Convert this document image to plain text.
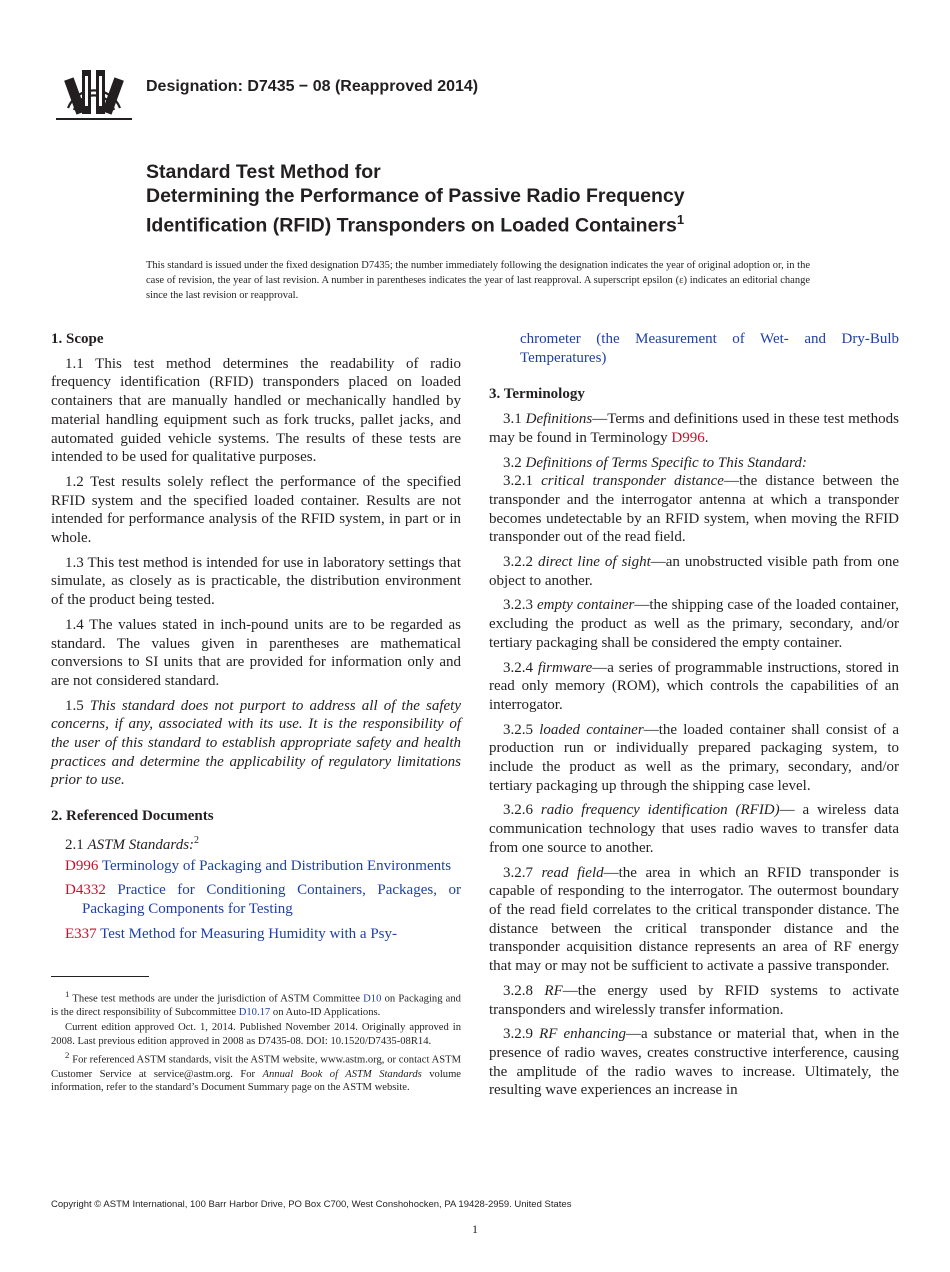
Designation: D7435 − 08 (Reapproved 2014)
Standard Test Method for
Determining the Performance of Passive Radio Frequency
Identification (RFID) Transponders on Loaded Containers$^1$

This standard is issued under the fixed designation D7435; the number immediately following the designation indicates the year of original adoption or, in the case of revision, the year of last revision. A number in parentheses indicates the year of last reapproval. A superscript epsilon (ε) indicates an editorial change since the last revision or reapproval.

1. Scope

1.1 This test method determines the readability of radio frequency identification (RFID) transponders placed on loaded containers that are manually handled or mechanically handled by material handling equipment such as fork trucks, pallet jacks, and automated guided vehicle systems. The results of these tests are intended to be used for qualitative purposes.

1.2 Test results solely reflect the performance of the specified RFID system and the specified loaded container. Results are not intended for performance analysis of the RFID system, in part or in whole.

1.3 This test method is intended for use in laboratory settings that simulate, as closely as is practicable, the distribution environment of the product being tested.

1.4 The values stated in inch-pound units are to be regarded as standard. The values given in parentheses are mathematical conversions to SI units that are provided for information only and are not considered standard.

1.5 This standard does not purport to address all of the safety concerns, if any, associated with its use. It is the responsibility of the user of this standard to establish appropriate safety and health practices and determine the applicability of regulatory limitations prior to use.

2. Referenced Documents

2.1 ASTM Standards:$^2$

D996 Terminology of Packaging and Distribution Environments

D4332 Practice for Conditioning Containers, Packages, or Packaging Components for Testing

E337 Test Method for Measuring Humidity with a Psy-

chrometer (the Measurement of Wet- and Dry-Bulb Temperatures)

3. Terminology

3.1 Definitions—Terms and definitions used in these test methods may be found in Terminology D996.

3.2 Definitions of Terms Specific to This Standard:

3.2.1 critical transponder distance—the distance between the transponder and the interrogator antenna at which a transponder becomes undetectable by an RFID system, when moving the RFID transponder out of the read field.

3.2.2 direct line of sight—an unobstructed visible path from one object to another.

3.2.3 empty container—the shipping case of the loaded container, excluding the product as well as the primary, secondary, and/or tertiary packaging shall be considered the empty container.

3.2.4 firmware—a series of programmable instructions, stored in read only memory (ROM), which controls the capabilities of an interrogator.

3.2.5 loaded container—the loaded container shall consist of a production run or individually prepared packaging system, to include the product as well as the primary, secondary, and/or tertiary packaging up through the shipping case level.

3.2.6 radio frequency identification (RFID)— a wireless data communication technology that uses radio waves to transfer data from one source to another.

3.2.7 read field—the area in which an RFID transponder is capable of responding to the interrogator. The outermost boundary of the read field correlates to the critical transponder distance. The distance between the critical transponder distance and the transponder acquisition distance represents an area of RF energy that may or may not be sufficient to activate a passive transponder.

3.2.8 RF—the energy used by RFID systems to activate transponders and wirelessly transfer information.

3.2.9 RF enhancing—a substance or material that, when in the presence of radio waves, creates constructive interference, causing the amplitude of the radio waves to increase. Ultimately, the resulting wave experiences an increase in

$^1$ These test methods are under the jurisdiction of ASTM Committee D10 on Packaging and is the direct responsibility of Subcommittee D10.17 on Auto-ID Applications.

Current edition approved Oct. 1, 2014. Published November 2014. Originally approved in 2008. Last previous edition approved in 2008 as D7435-08. DOI: 10.1520/D7435-08R14.

$^2$ For referenced ASTM standards, visit the ASTM website, www.astm.org, or contact ASTM Customer Service at service@astm.org. For Annual Book of ASTM Standards volume information, refer to the standard’s Document Summary page on the ASTM website.

Copyright © ASTM International, 100 Barr Harbor Drive, PO Box C700, West Conshohocken, PA 19428-2959. United States
1
